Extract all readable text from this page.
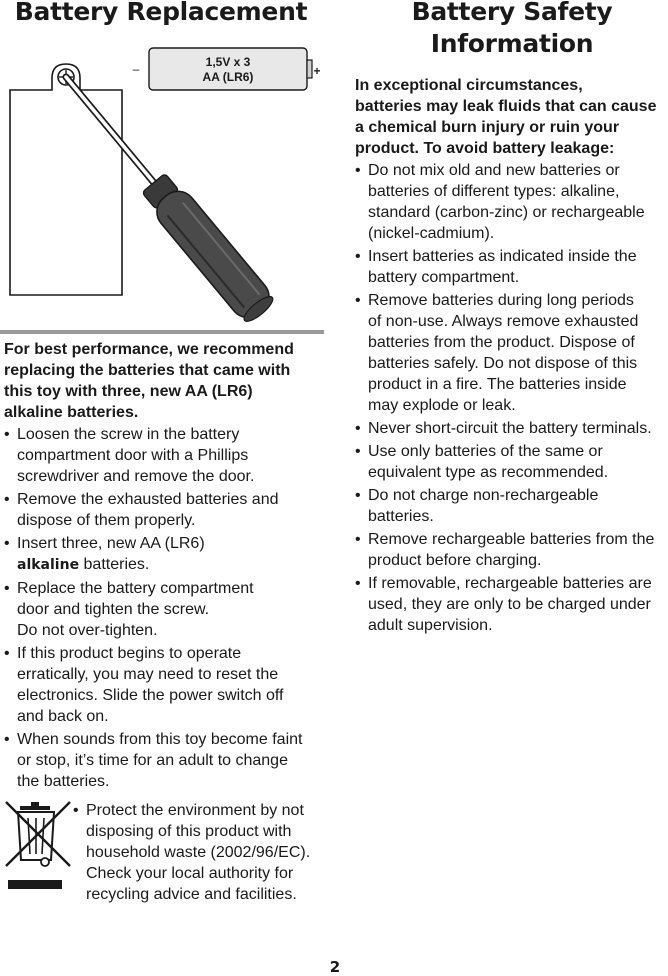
Battery Replacement
1,5V x 3
AA (LR6)
–	+
For best performance, we recommend
replacing the batteries that came with
this toy with three, new AA (LR6)
alkaline batteries.
• Loosen the screw in the battery
compartment door with a Phillips
screwdriver and remove the door.
• Remove the exhausted batteries and
dispose of them properly.
• Insert three, new AA (LR6)
alkaline batteries.
• Replace the battery compartment
door and tighten the screw.
Do not over-tighten.
• If this product begins to operate
erratically, you may need to reset the
electronics. Slide the power switch off
and back on.
• When sounds from this toy become faint
or stop, it’s time for an adult to change
the batteries.
• Protect the environment by not
disposing of this product with
household waste (2002/96/EC).
Check your local authority for
recycling advice and facilities.
Battery Safety
Information
In exceptional circumstances,
batteries may leak fluids that can cause
a chemical burn injury or ruin your
product. To avoid battery leakage:
• Do not mix old and new batteries or
batteries of different types: alkaline,
standard (carbon-zinc) or rechargeable
(nickel-cadmium).
• Insert batteries as indicated inside the
battery compartment.
• Remove batteries during long periods
of non-use. Always remove exhausted
batteries from the product. Dispose of
batteries safely. Do not dispose of this
product in a fire. The batteries inside
may explode or leak.
• Never short-circuit the battery terminals.
• Use only batteries of the same or
equivalent type as recommended.
• Do not charge non-rechargeable
batteries.
• Remove rechargeable batteries from the
product before charging.
• If removable, rechargeable batteries are
used, they are only to be charged under
adult supervision.
2
